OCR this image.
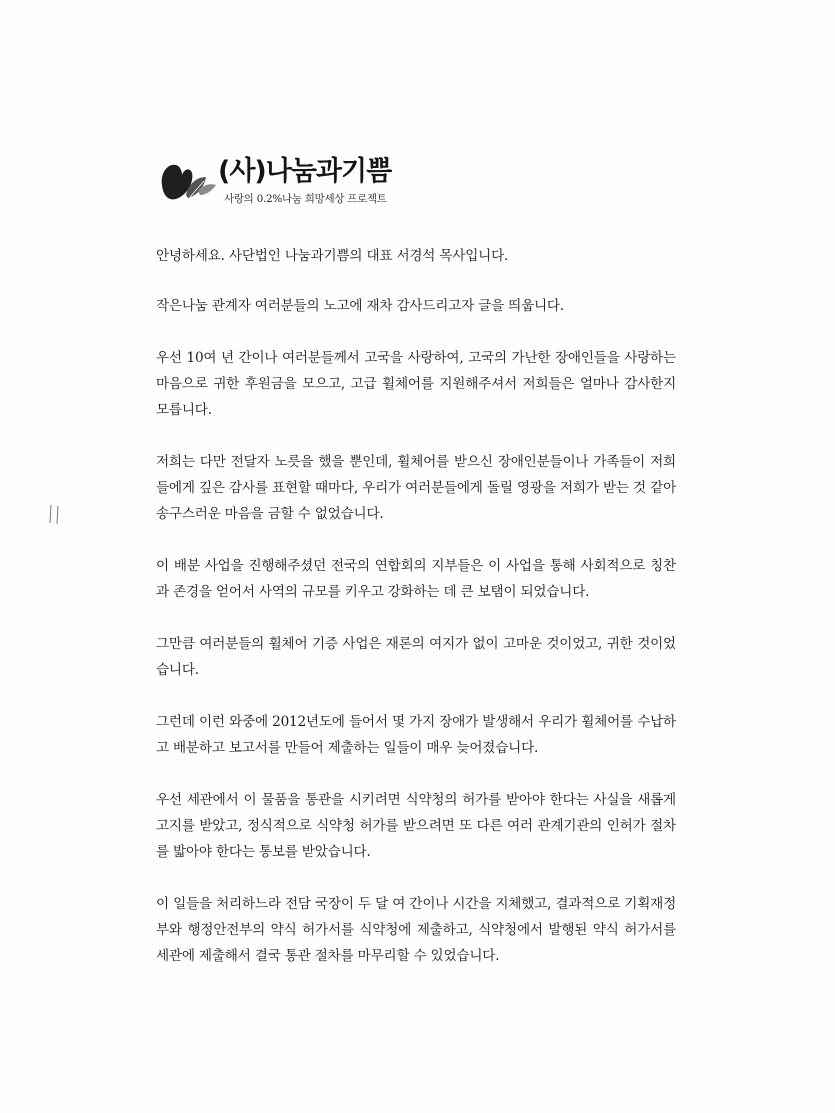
(사)나눔과기쁨
사랑의 0.2%나눔 희망세상 프로젝트

안녕하세요. 사단법인 나눔과기쁨의 대표 서경석 목사입니다.

작은나눔 관계자 여러분들의 노고에 재차 감사드리고자 글을 띄웁니다.

우선 10여 년 간이나 여러분들께서 고국을 사랑하여, 고국의 가난한 장애인들을 사랑하는 마음으로 귀한 후원금을 모으고, 고급 휠체어를 지원해주셔서 저희들은 얼마나 감사한지 모릅니다.

저희는 다만 전달자 노릇을 했을 뿐인데, 휠체어를 받으신 장애인분들이나 가족들이 저희들에게 깊은 감사를 표현할 때마다, 우리가 여러분들에게 돌릴 영광을 저희가 받는 것 같아 송구스러운 마음을 금할 수 없었습니다.

이 배분 사업을 진행해주셨던 전국의 연합회의 지부들은 이 사업을 통해 사회적으로 칭찬과 존경을 얻어서 사역의 규모를 키우고 강화하는 데 큰 보탬이 되었습니다.

그만큼 여러분들의 휠체어 기증 사업은 재론의 여지가 없이 고마운 것이었고, 귀한 것이었습니다.

그런데 이런 와중에 2012년도에 들어서 몇 가지 장애가 발생해서 우리가 휠체어를 수납하고 배분하고 보고서를 만들어 제출하는 일들이 매우 늦어졌습니다.

우선 세관에서 이 물품을 통관을 시키려면 식약청의 허가를 받아야 한다는 사실을 새롭게 고지를 받았고, 정식적으로 식약청 허가를 받으려면 또 다른 여러 관계기관의 인허가 절차를 밟아야 한다는 통보를 받았습니다.

이 일들을 처리하느라 전담 국장이 두 달 여 간이나 시간을 지체했고, 결과적으로 기획재정부와 행정안전부의 약식 허가서를 식약청에 제출하고, 식약청에서 발행된 약식 허가서를 세관에 제출해서 결국 통관 절차를 마무리할 수 있었습니다.
